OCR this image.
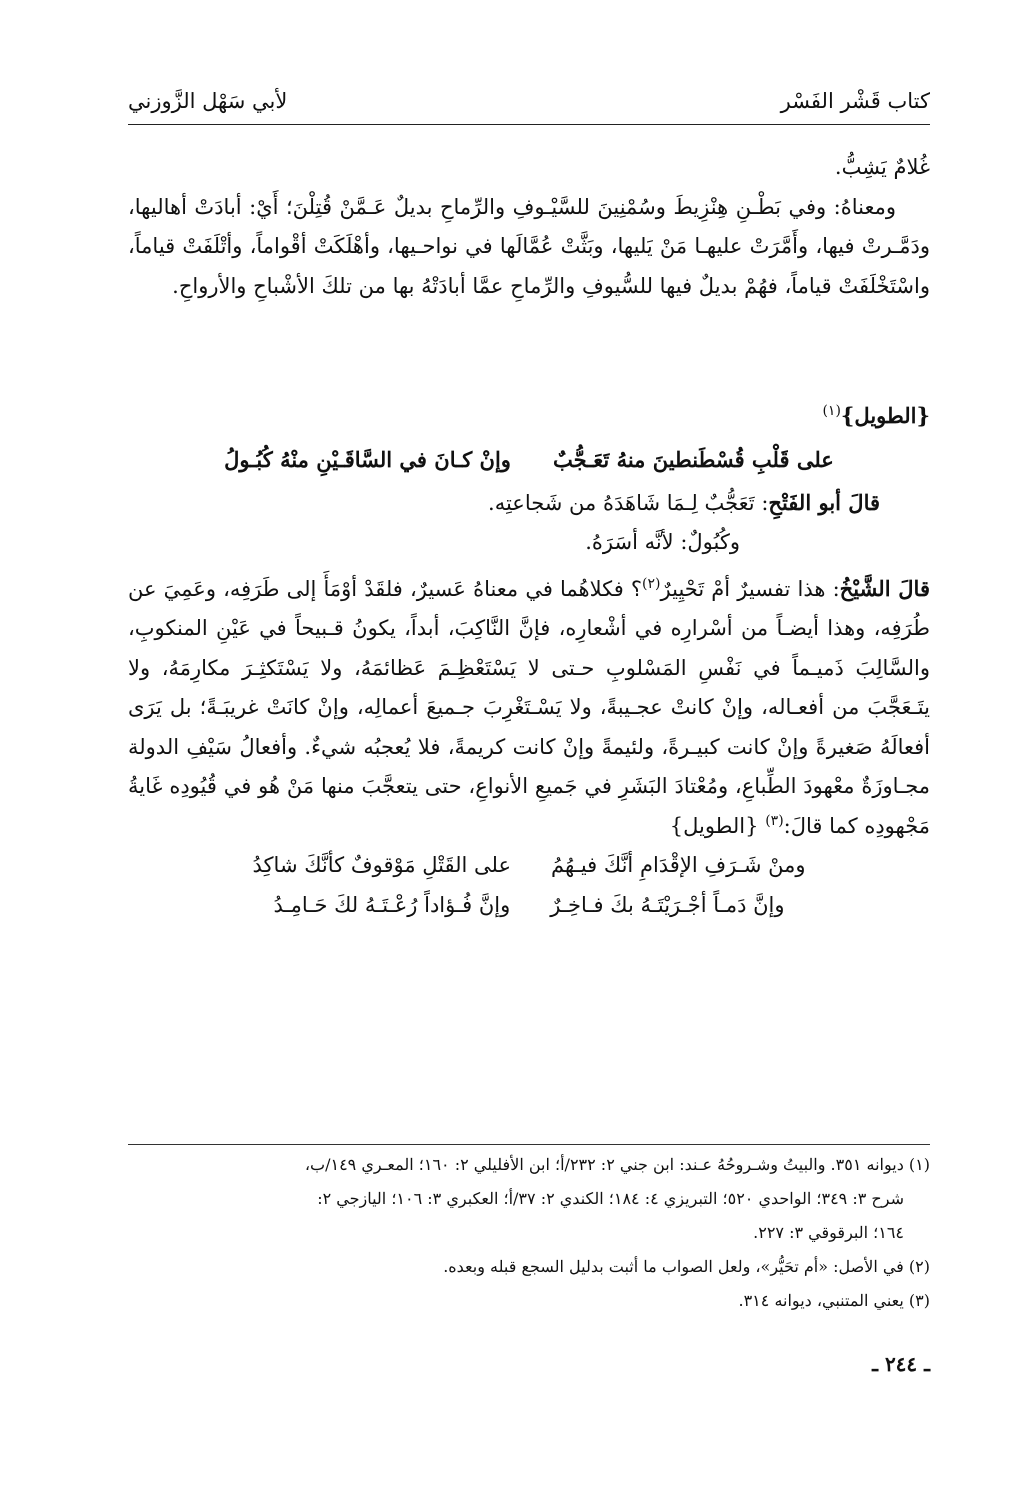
كتاب قَشْر الفَسْر
لأبي سَهْل الزَّوزني

غُلامٌ يَشِبُّ.

ومعناهُ: وفي بَطْـنِ هِنْزِيطَ وسُمْنِينَ للسَّيْـوفِ والرِّماحِ بديلٌ عَـمَّنْ قُتِلْنَ؛ أَيْ: أبادَتْ أهاليها، ودَمَّـرتْ فيها، وأَمَّرَتْ عليهـا مَنْ يَليها، وبَثَّتْ عُمَّالَها في نواحـيها، وأهْلَكَتْ أقْواماً، وأتْلَفَتْ قياماً، واسْتَخْلَفَتْ قياماً، فهُمْ بديلٌ فيها للسُّيوفِ والرِّماحِ عمَّا أبادَتْهُ بها من تلكَ الأشْباحِ والأرواحِ.

{الطويل}$^{(١)}$

على قَلْبِ قُسْطَنطينَ منهُ تَعَـجُّبٌ
وإنْ كـانَ في السَّاقَـيْنِ منْهُ كُبُـولُ

قالَ أبو الفَتْحِ: تَعَجُّبٌ لِـمَا شَاهَدَهُ من شَجاعتِه.

وكُبُولٌ: لأنَّه أسَرَهُ.

قالَ الشَّيْخُ: هذا تفسيرٌ أمْ تَحْيِيرٌ$^{(٢)}$؟ فكلاهُما في معناهُ عَسيرٌ، فلقَدْ أوْمَأَ إلى طَرَفِه، وعَمِيَ عن طُرَفِه، وهذا أيضـاً من أسْرارِه في أشْعارِه، فإنَّ النَّاكِبَ، أبداً، يكونُ قـبيحاً في عَيْنِ المنكوبِ، والسَّالِبَ ذَميـماً في نَفْسِ المَسْلوبِ حـتى لا يَسْتَعْظِـمَ عَظائمَهُ، ولا يَسْتَكثِـرَ مكارِمَهُ، ولا يتَـعَجَّبَ من أفعـاله، وإنْ كانتْ عجـيبةً، ولا يَسْـتَغْرِبَ جـميعَ أعمالِه، وإنْ كانَتْ غريبَـةً؛ بل يَرَى أفعالَهُ صَغيرةً وإنْ كانت كبيـرةً، ولئيمةً وإنْ كانت كريمةً، فلا يُعجبُه شيءٌ. وأفعالُ سَيْفِ الدولة مجـاوزَةٌ معْهودَ الطِّباعِ، ومُعْتادَ البَشَرِ في جَميعِ الأنواعِ، حتى يتعجَّبَ منها مَنْ هُو في قُيُودِه غَايةُ مَجْهودِه كما قالَ:$^{(٣)}$ {الطويل}

ومنْ شَـرَفِ الإقْدَامِ أنَّكَ فيـهُمُ
على القَتْلِ مَوْقوفٌ كأنَّكَ شاكِدُ
وإنَّ دَمـاً أجْـرَيْتَـهُ بكَ فـاخِـرٌ
وإنَّ فُـؤاداً رُعْـتَـهُ لكَ حَـامِـدُ

(١) ديوانه ٣٥١. والبيتُ وشـروحُهُ عـند: ابن جني ٢: ٢٣٢/أ؛ ابن الأفليلي ٢: ١٦٠؛ المعـري ١٤٩/ب،

شرح ٣: ٣٤٩؛ الواحدي ٥٢٠؛ التبريزي ٤: ١٨٤؛ الكندي ٢: ٣٧/أ؛ العكبري ٣: ١٠٦؛ اليازجي ٢:

١٦٤؛ البرقوقي ٣: ٢٢٧.

(٢) في الأصل: «أم تحَيُّر»، ولعل الصواب ما أثبت بدليل السجع قبله وبعده.

(٣) يعني المتنبي، ديوانه ٣١٤.

ـ ٢٤٤ ـ
